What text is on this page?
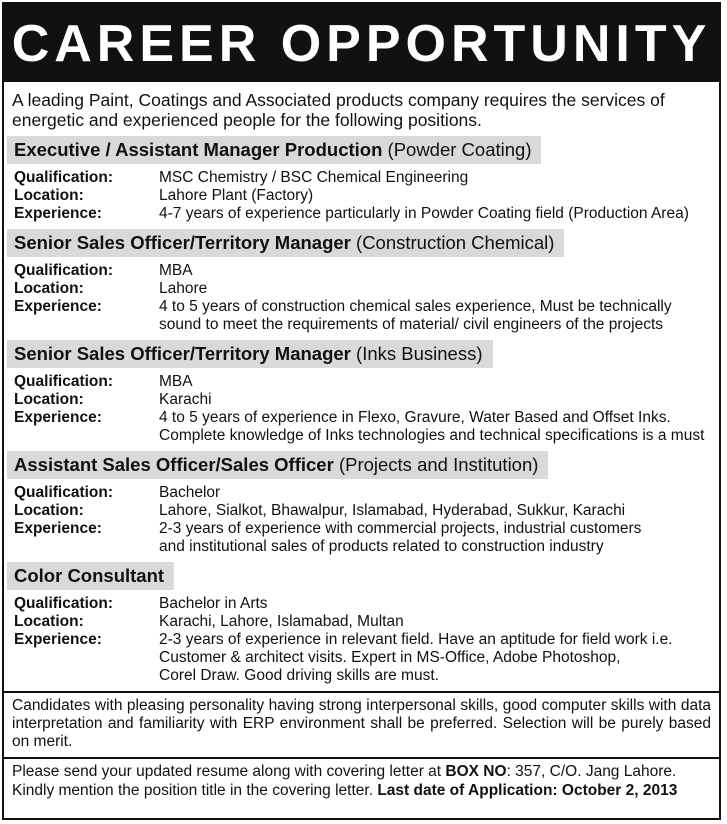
CAREER OPPORTUNITY
A leading Paint, Coatings and Associated products company requires the services of energetic and experienced people for the following positions.
Executive / Assistant Manager Production (Powder Coating)
Qualification:	MSC Chemistry / BSC Chemical Engineering
Location:	Lahore Plant (Factory)
Experience:	4-7 years of experience particularly in Powder Coating field (Production Area)
Senior Sales Officer/Territory Manager (Construction Chemical)
Qualification:	MBA
Location:	Lahore
Experience:	4 to 5 years of construction chemical sales experience, Must be technically
sound to meet the requirements of material/ civil engineers of the projects
Senior Sales Officer/Territory Manager (Inks Business)
Qualification:	MBA
Location:	Karachi
Experience:	4 to 5 years of experience in Flexo, Gravure, Water Based and Offset Inks.
Complete knowledge of Inks technologies and technical specifications is a must
Assistant Sales Officer/Sales Officer (Projects and Institution)
Qualification:	Bachelor
Location:	Lahore, Sialkot, Bhawalpur, Islamabad, Hyderabad, Sukkur, Karachi
Experience:	2-3 years of experience with commercial projects, industrial customers
and institutional sales of products related to construction industry
Color Consultant
Qualification:	Bachelor in Arts
Location:	Karachi, Lahore, Islamabad, Multan
Experience:	2-3 years of experience in relevant field. Have an aptitude for field work i.e.
Customer & architect visits. Expert in MS-Office, Adobe Photoshop,
Corel Draw. Good driving skills are must.
Candidates with pleasing personality having strong interpersonal skills, good computer skills with data interpretation and familiarity with ERP environment shall be preferred. Selection will be purely based on merit.
Please send your updated resume along with covering letter at BOX NO: 357, C/O. Jang Lahore.
Kindly mention the position title in the covering letter. Last date of Application: October 2, 2013
